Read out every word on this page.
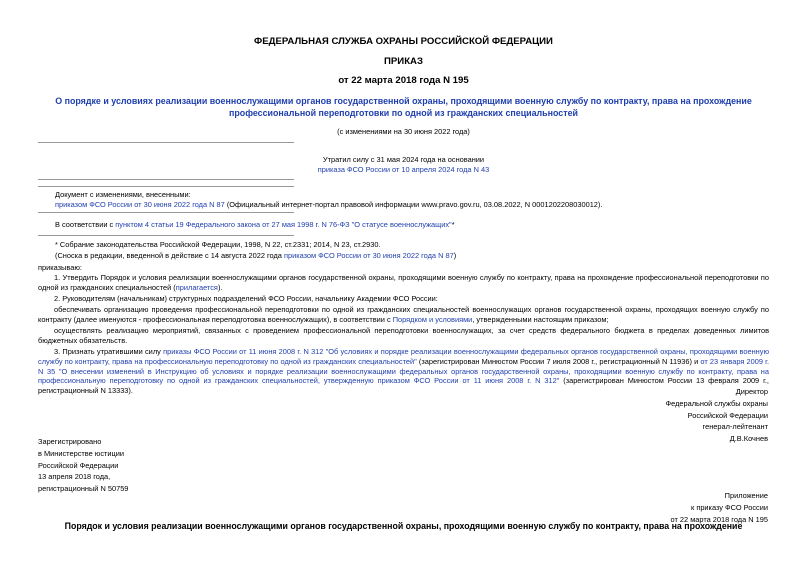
ФЕДЕРАЛЬНАЯ СЛУЖБА ОХРАНЫ РОССИЙСКОЙ ФЕДЕРАЦИИ
ПРИКАЗ
от 22 марта 2018 года N 195
О порядке и условиях реализации военнослужащими органов государственной охраны, проходящими военную службу по контракту, права на прохождение профессиональной переподготовки по одной из гражданских специальностей
(с изменениями на 30 июня 2022 года)
Утратил силу с 31 мая 2024 года на основании
приказа ФСО России от 10 апреля 2024 года N 43
Документ с изменениями, внесенными:
приказом ФСО России от 30 июня 2022 года N 87 (Официальный интернет-портал правовой информации www.pravo.gov.ru, 03.08.2022, N 0001202208030012).
В соответствии с пунктом 4 статьи 19 Федерального закона от 27 мая 1998 г. N 76-ФЗ "О статусе военнослужащих"*
* Собрание законодательства Российской Федерации, 1998, N 22, ст.2331; 2014, N 23, ст.2930.
(Сноска в редакции, введенной в действие с 14 августа 2022 года приказом ФСО России от 30 июня 2022 года N 87)
приказываю:
1. Утвердить Порядок и условия реализации военнослужащими органов государственной охраны, проходящими военную службу по контракту, права на прохождение профессиональной переподготовки по одной из гражданских специальностей (прилагается).
2. Руководителям (начальникам) структурных подразделений ФСО России, начальнику Академии ФСО России:
обеспечивать организацию проведения профессиональной переподготовки по одной из гражданских специальностей военнослужащих органов государственной охраны, проходящих военную службу по контракту (далее именуются - профессиональная переподготовка военнослужащих), в соответствии с Порядком и условиями, утвержденными настоящим приказом;
осуществлять реализацию мероприятий, связанных с проведением профессиональной переподготовки военнослужащих, за счет средств федерального бюджета в пределах доведенных лимитов бюджетных обязательств.
3. Признать утратившими силу приказы ФСО России от 11 июня 2008 г. N 312 "Об условиях и порядке реализации военнослужащими федеральных органов государственной охраны, проходящими военную службу по контракту, права на профессиональную переподготовку по одной из гражданских специальностей" (зарегистрирован Минюстом России 7 июля 2008 г., регистрационный N 11936) и от 23 января 2009 г. N 35 "О внесении изменений в Инструкцию об условиях и порядке реализации военнослужащими федеральных органов государственной охраны, проходящими военную службу по контракту, права на профессиональную переподготовку по одной из гражданских специальностей, утвержденную приказом ФСО России от 11 июня 2008 г. N 312" (зарегистрирован Минюстом России 13 февраля 2009 г., регистрационный N 13333).	Директор
Федеральной службы охраны
Российской Федерации
генерал-лейтенант
Д.В.Кочнев
Зарегистрировано
в Министерстве юстиции
Российской Федерации
13 апреля 2018 года,
регистрационный N 50759
Приложение
к приказу ФСО России
от 22 марта 2018 года N 195
Порядок и условия реализации военнослужащими органов государственной охраны, проходящими военную службу по контракту, права на прохождение
